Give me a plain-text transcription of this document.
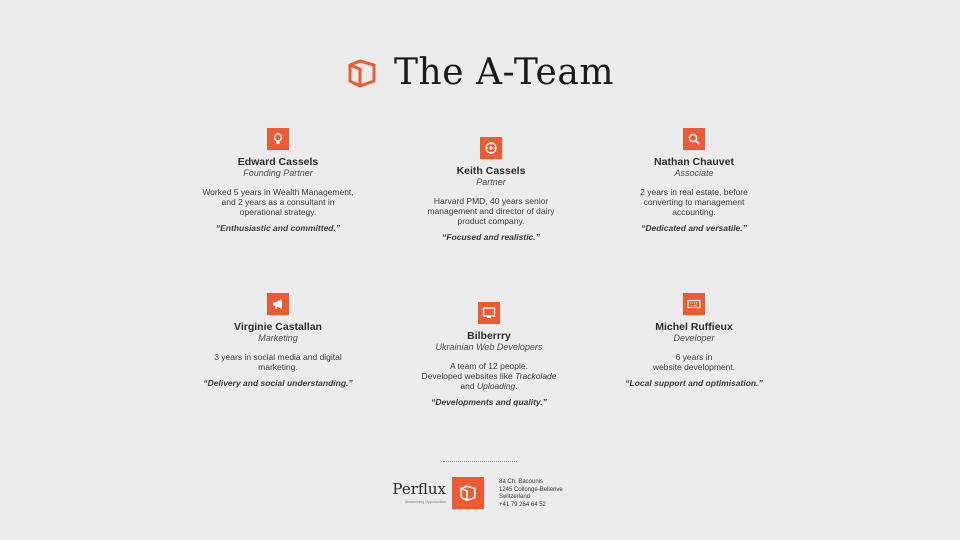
The A-Team
Edward Cassels
Founding Partner
Worked 5 years in Wealth Management,
and 2 years as a consultant in
operational strategy.
“Enthusiastic and committed.”
Keith Cassels
Partner
Harvard PMD, 40 years senior
management and director of dairy
product company.
“Focused and realistic.”
Nathan Chauvet
Associate
2 years in real estate, before
converting to management
accounting.
“Dedicated and versatile.”
Virginie Castallan
Marketing
3 years in social media and digital
marketing.
“Delivery and social understanding.”
Bilberrry
Ukrainian Web Developers
A team of 12 people.
Developed websites like Trackolade
and Uploading.
“Developments and quality.”
Michel Ruffieux
Developer
6 years in
website development.
“Local support and optimisation.”
Perflux
Streamlining Opportunities
8a Ch. Bacounis
1245 Collonge-Bellerive
Switzerland
+41 79 264 64 52
